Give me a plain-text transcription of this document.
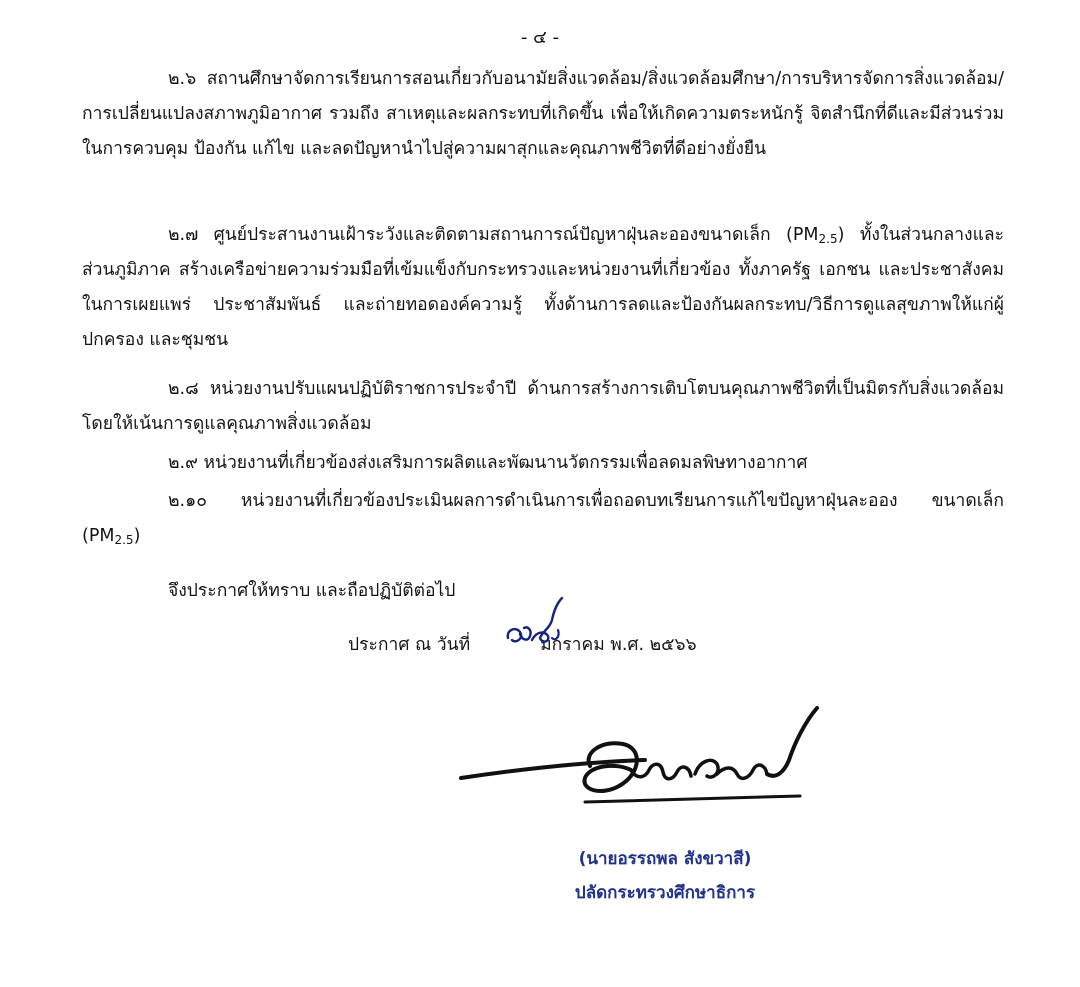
- ๔ -

๒.๖ สถานศึกษาจัดการเรียนการสอนเกี่ยวกับอนามัยสิ่งแวดล้อม/สิ่งแวดล้อมศึกษา/การบริหารจัดการสิ่งแวดล้อม/การเปลี่ยนแปลงสภาพภูมิอากาศ รวมถึง สาเหตุและผลกระทบที่เกิดขึ้น เพื่อให้เกิดความตระหนักรู้ จิตสำนึกที่ดีและมีส่วนร่วมในการควบคุม ป้องกัน แก้ไข และลดปัญหานำไปสู่ความผาสุกและคุณภาพชีวิตที่ดีอย่างยั่งยืน

๒.๗ ศูนย์ประสานงานเฝ้าระวังและติดตามสถานการณ์ปัญหาฝุ่นละอองขนาดเล็ก $(PM_{2.5})$ ทั้งในส่วนกลางและส่วนภูมิภาค สร้างเครือข่ายความร่วมมือที่เข้มแข็งกับกระทรวงและหน่วยงานที่เกี่ยวข้อง ทั้งภาครัฐ เอกชน และประชาสังคม ในการเผยแพร่ ประชาสัมพันธ์ และถ่ายทอดองค์ความรู้ ทั้งด้านการลดและป้องกันผลกระทบ/วิธีการดูแลสุขภาพให้แก่ผู้ปกครอง และชุมชน

๒.๘ หน่วยงานปรับแผนปฏิบัติราชการประจำปี ด้านการสร้างการเติบโตบนคุณภาพชีวิตที่เป็นมิตรกับสิ่งแวดล้อม โดยให้เน้นการดูแลคุณภาพสิ่งแวดล้อม

๒.๙ หน่วยงานที่เกี่ยวข้องส่งเสริมการผลิตและพัฒนานวัตกรรมเพื่อลดมลพิษทางอากาศ

๒.๑๐ หน่วยงานที่เกี่ยวข้องประเมินผลการดำเนินการเพื่อถอดบทเรียนการแก้ไขปัญหาฝุ่นละออง ขนาดเล็ก $(PM_{2.5})$

จึงประกาศให้ทราบ และถือปฏิบัติต่อไป
ประกาศ ณ วันที่	มกราคม พ.ศ. ๒๕๖๖
(นายอรรถพล สังขวาสี)
ปลัดกระทรวงศึกษาธิการ
